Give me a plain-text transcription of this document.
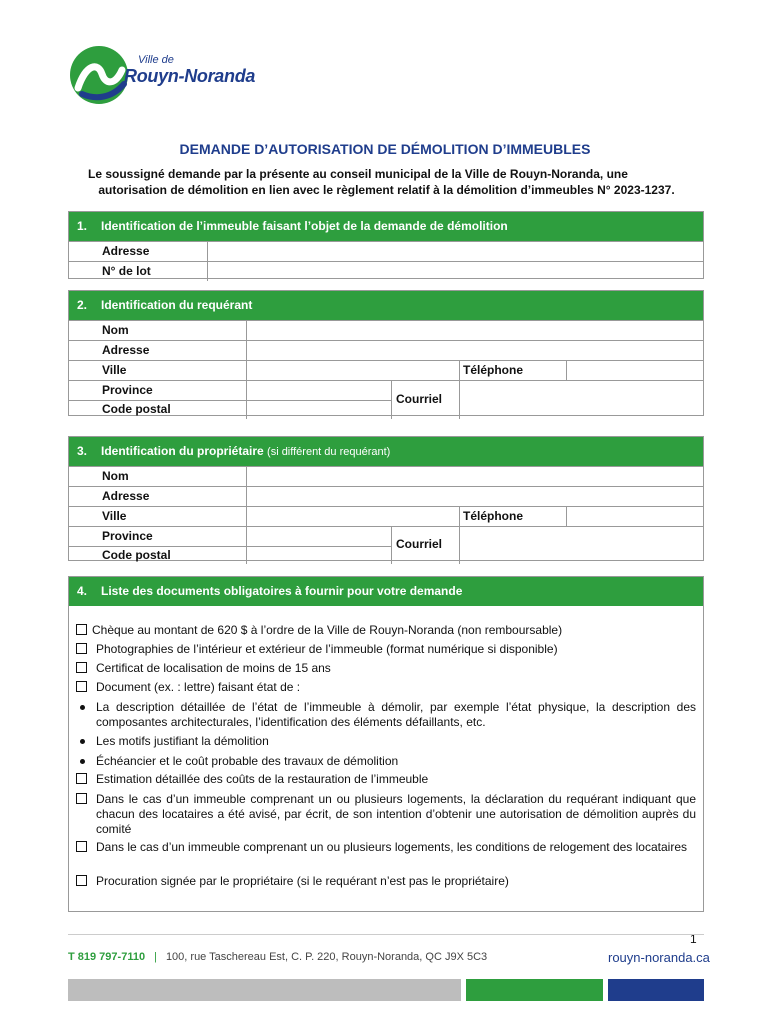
Ville de
Rouyn-Noranda
DEMANDE D’AUTORISATION DE DÉMOLITION D’IMMEUBLES
Le soussigné demande par la présente au conseil municipal de la Ville de Rouyn-Noranda, une
autorisation de démolition en lien avec le règlement relatif à la démolition d’immeubles N° 2023-1237.
1. Identification de l’immeuble faisant l’objet de la demande de démolition
Adresse
N° de lot
2. Identification du requérant
Nom
Adresse
Ville	Téléphone
Province
Code postal
Courriel
3. Identification du propriétaire (si différent du requérant)
Nom
Adresse
Ville	Téléphone
Province
Code postal
Courriel
4. Liste des documents obligatoires à fournir pour votre demande
Chèque au montant de 620 $ à l’ordre de la Ville de Rouyn-Noranda (non remboursable)
Photographies de l’intérieur et extérieur de l’immeuble (format numérique si disponible)
Certificat de localisation de moins de 15 ans
Document (ex. : lettre) faisant état de :
La description détaillée de l’état de l’immeuble à démolir, par exemple l’état physique, la description des composantes architecturales, l’identification des éléments défaillants, etc.
Les motifs justifiant la démolition
Échéancier et le coût probable des travaux de démolition
Estimation détaillée des coûts de la restauration de l’immeuble
Dans le cas d’un immeuble comprenant un ou plusieurs logements, la déclaration du requérant indiquant que chacun des locataires a été avisé, par écrit, de son intention d’obtenir une autorisation de démolition auprès du comité
Dans le cas d’un immeuble comprenant un ou plusieurs logements, les conditions de relogement des locataires
Procuration signée par le propriétaire (si le requérant n’est pas le propriétaire)
1
T 819 797-7110 | 100, rue Taschereau Est, C. P. 220, Rouyn-Noranda, QC J9X 5C3	rouyn-noranda.ca
